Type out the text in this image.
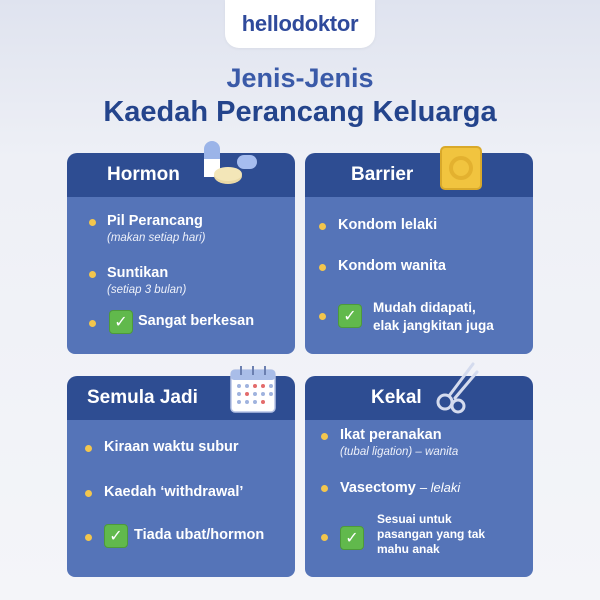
hellodoktor
Jenis-Jenis
Kaedah Perancang Keluarga
Hormon
Pil Perancang
(makan setiap hari)
Suntikan
(setiap 3 bulan)
✓ Sangat berkesan
Barrier
Kondom lelaki
Kondom wanita
✓
Mudah didapati,
elak jangkitan juga
Semula Jadi
Kiraan waktu subur
Kaedah ‘withdrawal’
✓ Tiada ubat/hormon
Kekal
Ikat peranakan
(tubal ligation) – wanita
Vasectomy – lelaki
✓
Sesuai untuk
pasangan yang tak
mahu anak
